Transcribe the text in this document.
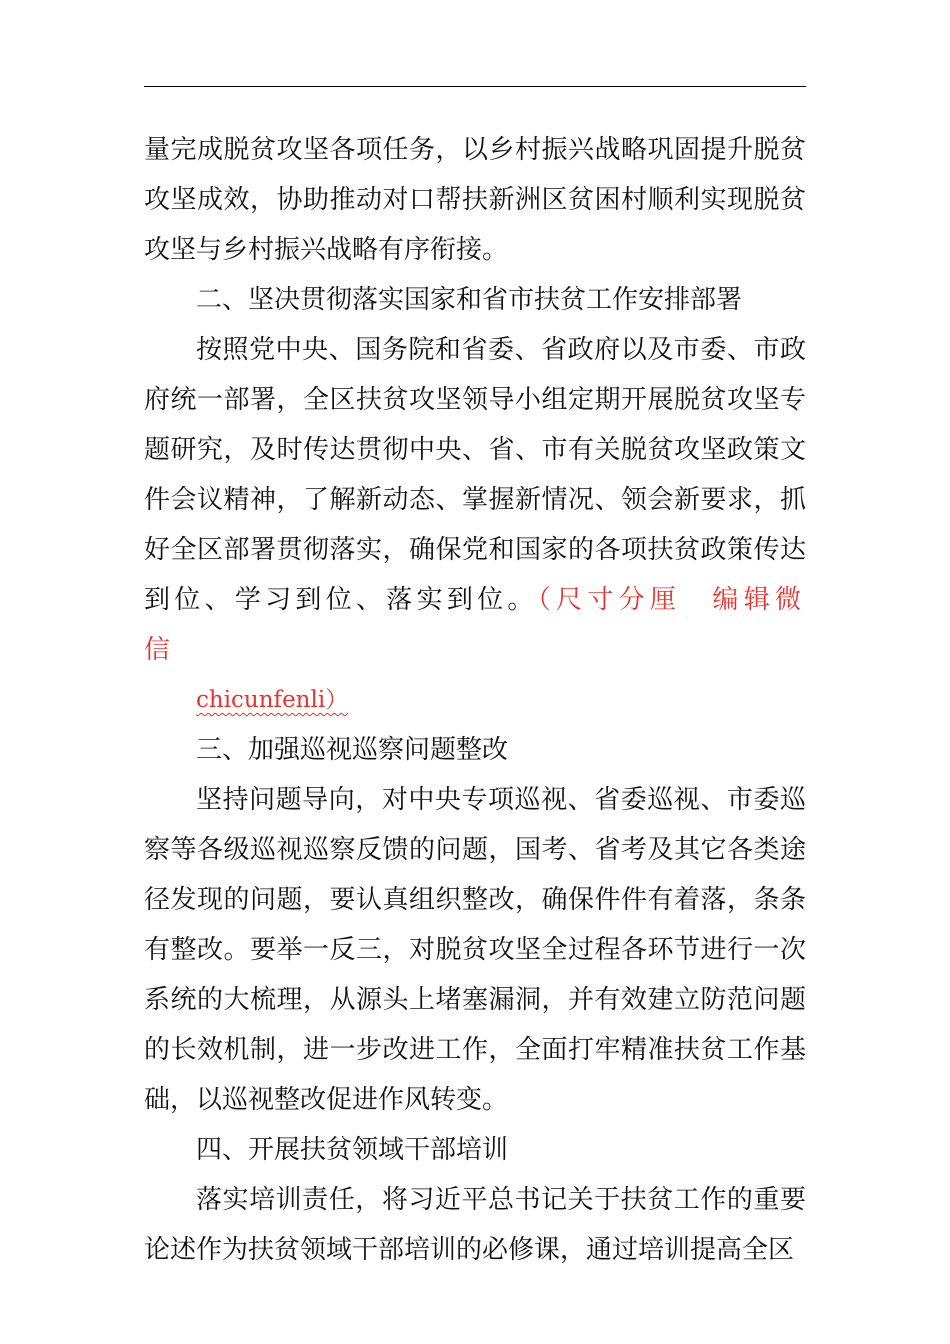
量完成脱贫攻坚各项任务，以乡村振兴战略巩固提升脱贫攻坚成效，协助推动对口帮扶新洲区贫困村顺利实现脱贫攻坚与乡村振兴战略有序衔接。

二、坚决贯彻落实国家和省市扶贫工作安排部署

按照党中央、国务院和省委、省政府以及市委、市政府统一部署，全区扶贫攻坚领导小组定期开展脱贫攻坚专题研究，及时传达贯彻中央、省、市有关脱贫攻坚政策文件会议精神，了解新动态、掌握新情况、领会新要求，抓好全区部署贯彻落实，确保党和国家的各项扶贫政策传达到位、学习到位、落实到位。（尺寸分厘　编辑微信
chicunfenli）

三、加强巡视巡察问题整改

坚持问题导向，对中央专项巡视、省委巡视、市委巡察等各级巡视巡察反馈的问题，国考、省考及其它各类途径发现的问题，要认真组织整改，确保件件有着落，条条有整改。要举一反三，对脱贫攻坚全过程各环节进行一次系统的大梳理，从源头上堵塞漏洞，并有效建立防范问题的长效机制，进一步改进工作，全面打牢精准扶贫工作基础，以巡视整改促进作风转变。

四、开展扶贫领域干部培训

落实培训责任，将习近平总书记关于扶贫工作的重要论述作为扶贫领域干部培训的必修课，通过培训提高全区
